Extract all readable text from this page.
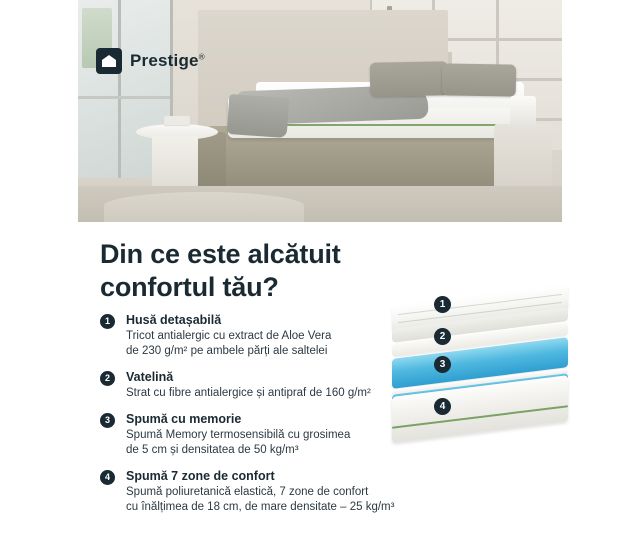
Prestige®
Din ce este alcătuit
confortul tău?
1	Husă detașabilă
Tricot antialergic cu extract de Aloe Vera
de 230 g/m² pe ambele părți ale saltelei
2	Vatelină
Strat cu fibre antialergice și antipraf de 160 g/m²
3	Spumă cu memorie
Spumă Memory termosensibilă cu grosimea
de 5 cm și densitatea de 50 kg/m³
4	Spumă 7 zone de confort
Spumă poliuretanică elastică, 7 zone de confort
cu înălțimea de 18 cm, de mare densitate – 25 kg/m³
1
2
3
4
